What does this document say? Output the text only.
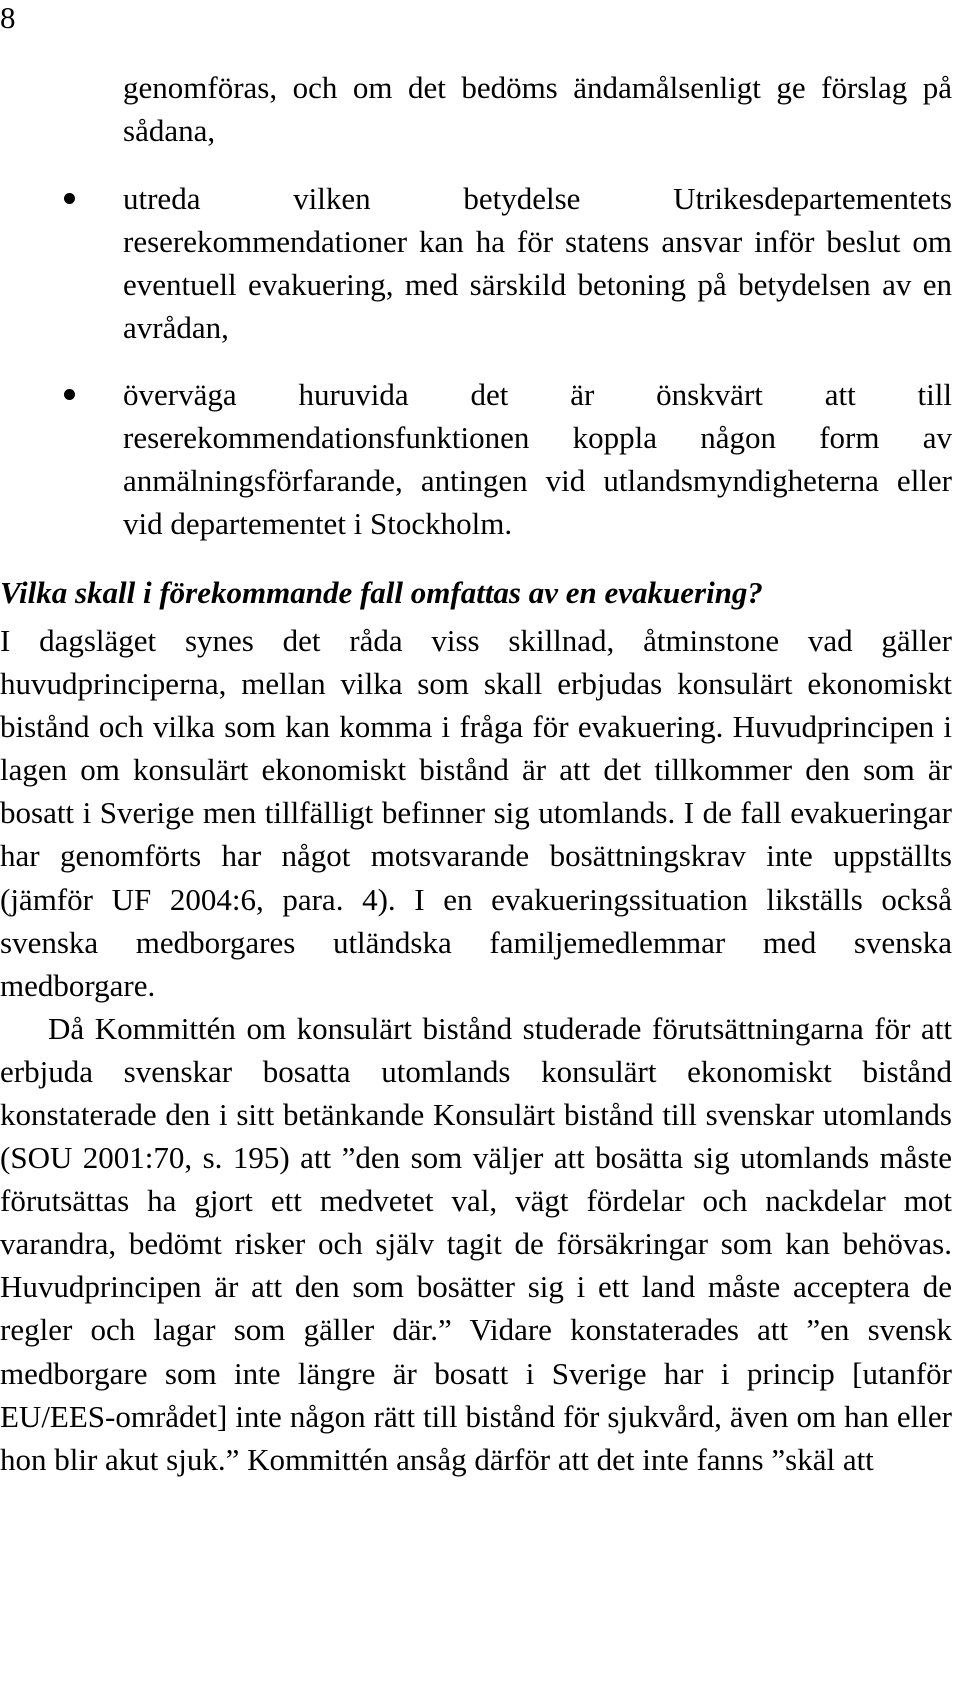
8

genomföras, och om det bedöms ändamålsenligt ge förslag på sådana,

utreda vilken betydelse Utrikesdepartementets reserekommendationer kan ha för statens ansvar inför beslut om eventuell evakuering, med särskild betoning på betydelsen av en avrådan,

överväga huruvida det är önskvärt att till reserekommendationsfunktionen koppla någon form av anmälningsförfarande, antingen vid utlandsmyndigheterna eller vid departementet i Stockholm.

Vilka skall i förekommande fall omfattas av en evakuering?

I dagsläget synes det råda viss skillnad, åtminstone vad gäller huvudprinciperna, mellan vilka som skall erbjudas konsulärt ekonomiskt bistånd och vilka som kan komma i fråga för evakuering. Huvudprincipen i lagen om konsulärt ekonomiskt bistånd är att det tillkommer den som är bosatt i Sverige men tillfälligt befinner sig utomlands. I de fall evakueringar har genomförts har något motsvarande bosättningskrav inte uppställts (jämför UF 2004:6, para. 4). I en evakueringssituation likställs också svenska medborgares utländska familjemedlemmar med svenska medborgare.

Då Kommittén om konsulärt bistånd studerade förutsättningarna för att erbjuda svenskar bosatta utomlands konsulärt ekonomiskt bistånd konstaterade den i sitt betänkande Konsulärt bistånd till svenskar utomlands (SOU 2001:70, s. 195) att ”den som väljer att bosätta sig utomlands måste förutsättas ha gjort ett medvetet val, vägt fördelar och nackdelar mot varandra, bedömt risker och själv tagit de försäkringar som kan behövas. Huvudprincipen är att den som bosätter sig i ett land måste acceptera de regler och lagar som gäller där.” Vidare konstaterades att ”en svensk medborgare som inte längre är bosatt i Sverige har i princip [utanför EU/EES-området] inte någon rätt till bistånd för sjukvård, även om han eller hon blir akut sjuk.” Kommittén ansåg därför att det inte fanns ”skäl att
